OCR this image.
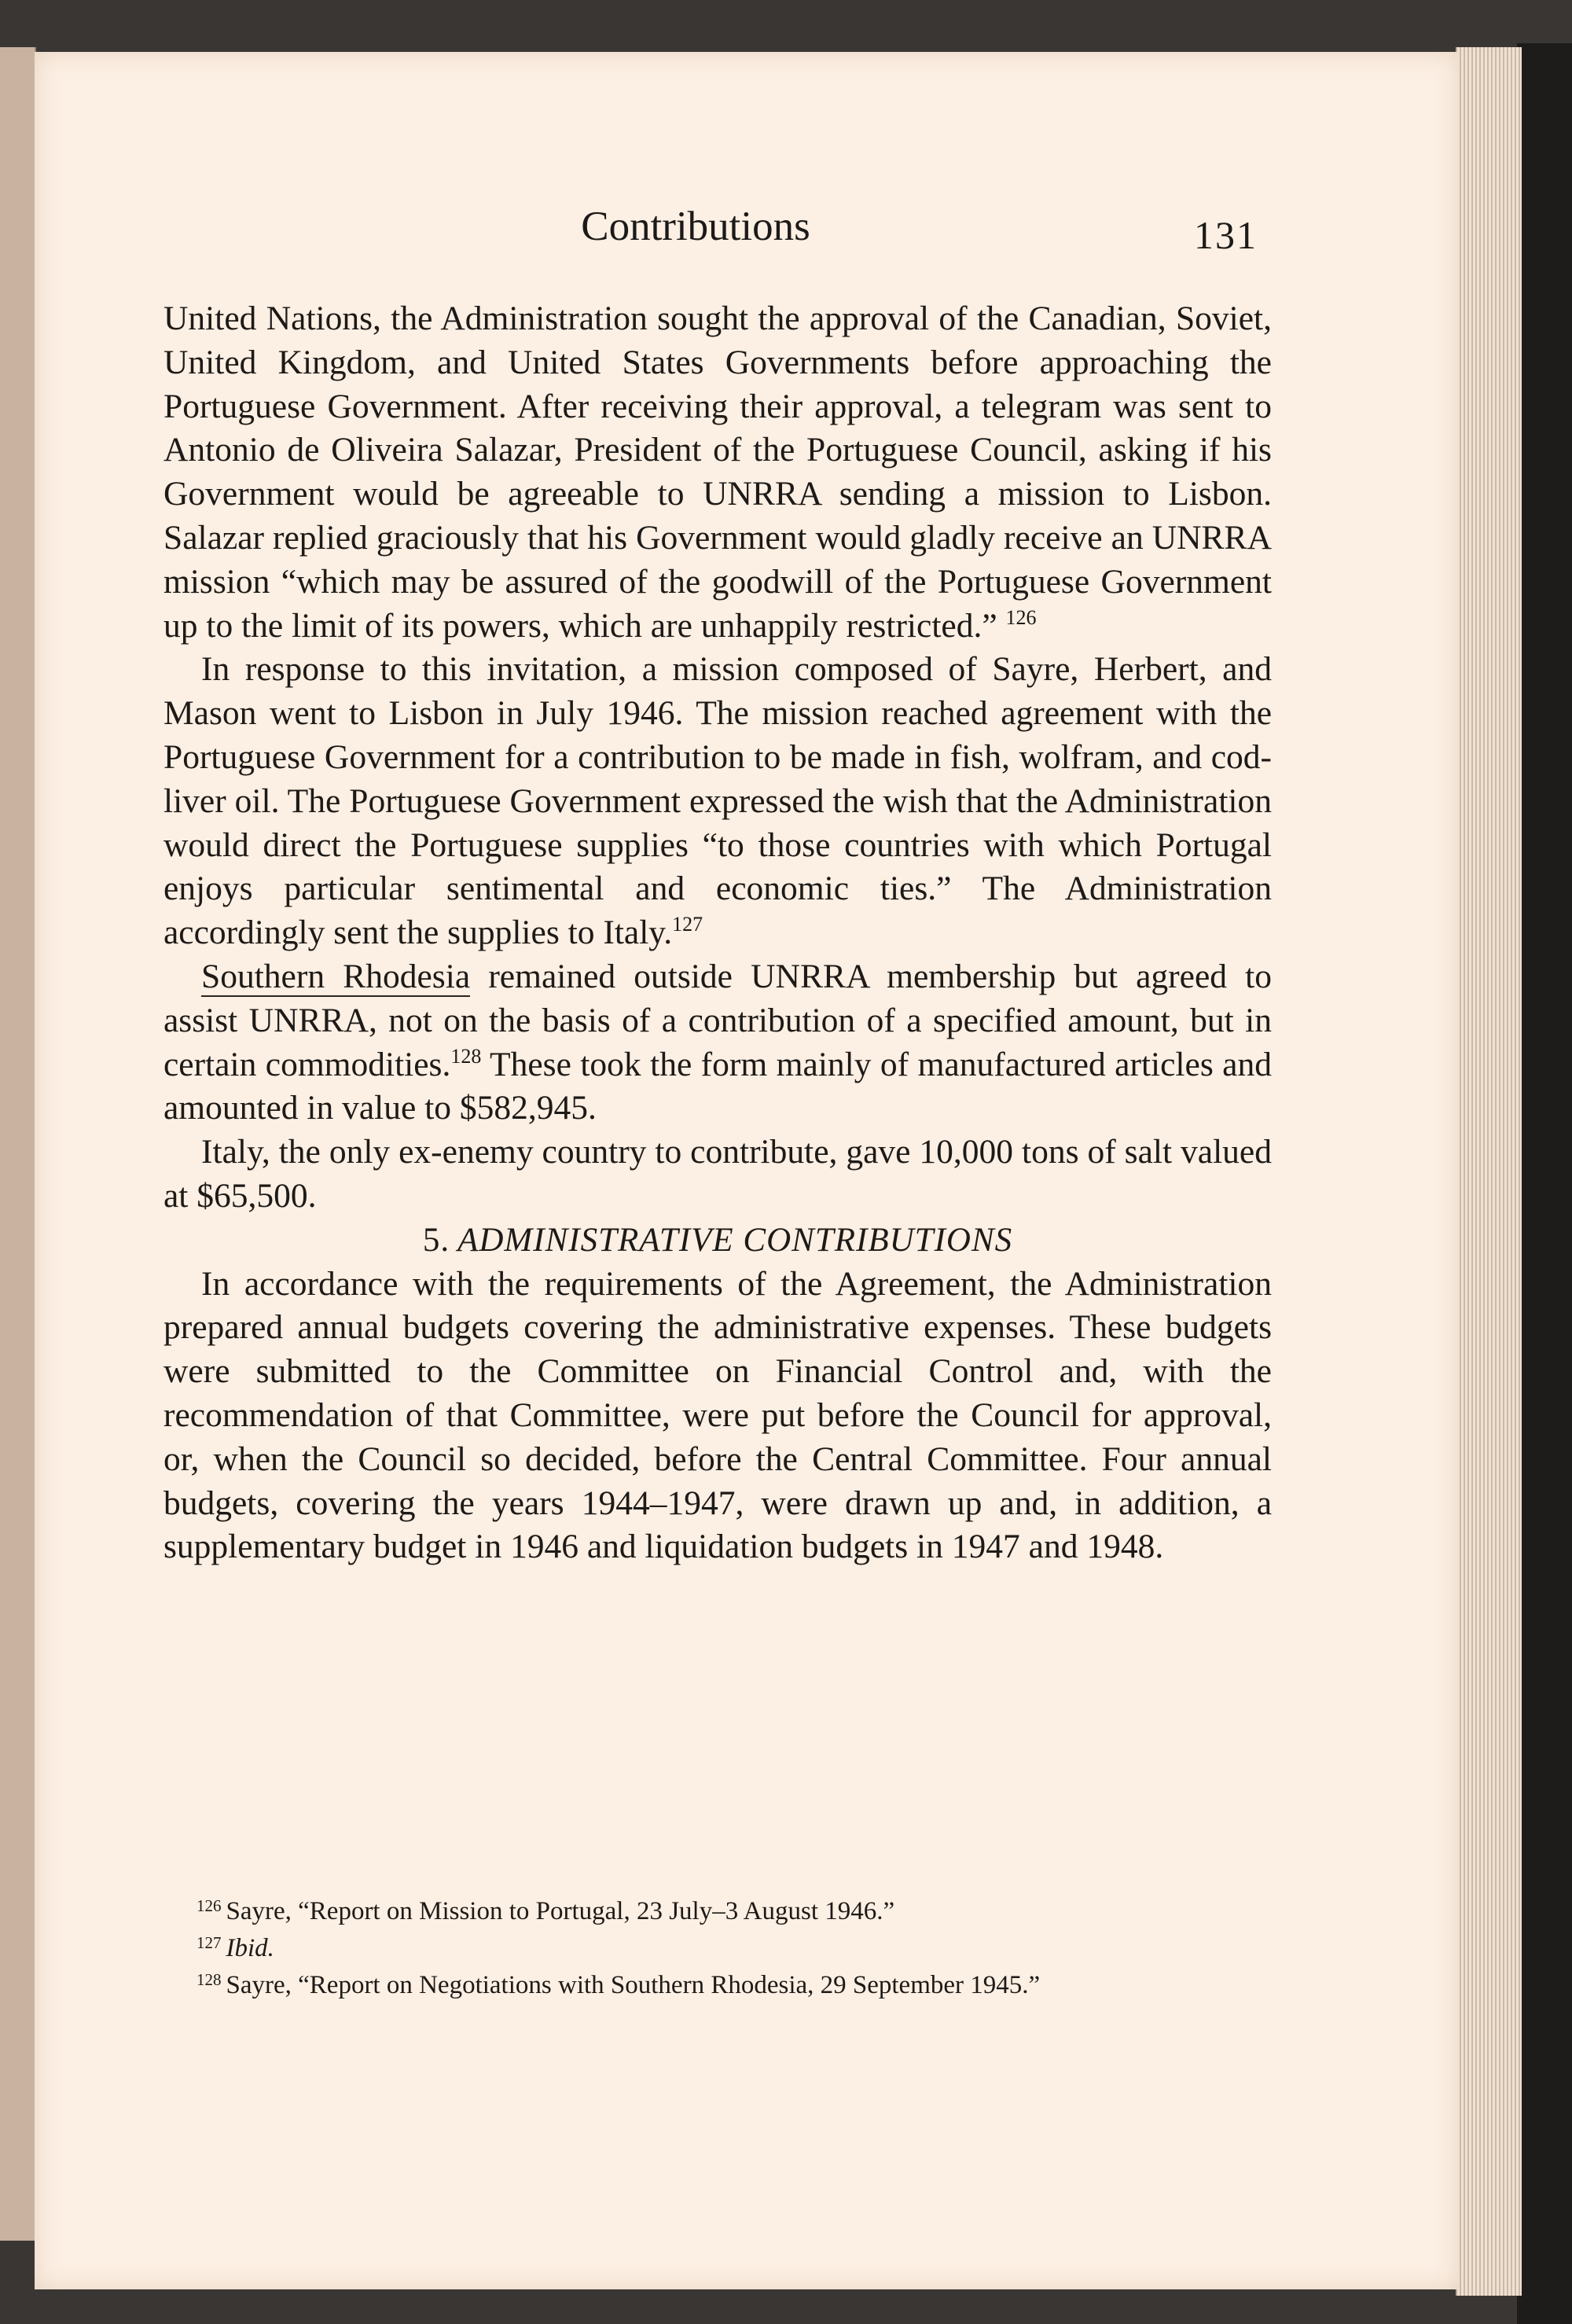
Contributions	131

United Nations, the Administration sought the approval of the Canadian, Soviet, United Kingdom, and United States Governments before approaching the Portuguese Government. After receiving their approval, a telegram was sent to Antonio de Oliveira Salazar, President of the Portuguese Council, asking if his Government would be agreeable to UNRRA sending a mission to Lisbon. Salazar replied graciously that his Government would gladly receive an UNRRA mission “which may be assured of the goodwill of the Portuguese Government up to the limit of its powers, which are unhappily restricted.” $^{126}$

In response to this invitation, a mission composed of Sayre, Herbert, and Mason went to Lisbon in July 1946. The mission reached agreement with the Portuguese Government for a contribution to be made in fish, wolfram, and cod-liver oil. The Portuguese Government expressed the wish that the Administration would direct the Portuguese supplies “to those countries with which Portugal enjoys particular sentimental and economic ties.” The Administration accordingly sent the supplies to Italy.$^{127}$

Southern Rhodesia remained outside UNRRA membership but agreed to assist UNRRA, not on the basis of a contribution of a specified amount, but in certain commodities.$^{128}$ These took the form mainly of manufactured articles and amounted in value to $582,945.

Italy, the only ex-enemy country to contribute, gave 10,000 tons of salt valued at $65,500.

5. ADMINISTRATIVE CONTRIBUTIONS

In accordance with the requirements of the Agreement, the Administration prepared annual budgets covering the administrative expenses. These budgets were submitted to the Committee on Financial Control and, with the recommendation of that Committee, were put before the Council for approval, or, when the Council so decided, before the Central Committee. Four annual budgets, covering the years 1944–1947, were drawn up and, in addition, a supplementary budget in 1946 and liquidation budgets in 1947 and 1948.

$^{126}$ Sayre, “Report on Mission to Portugal, 23 July–3 August 1946.”
$^{127}$ Ibid.
$^{128}$ Sayre, “Report on Negotiations with Southern Rhodesia, 29 September 1945.”
